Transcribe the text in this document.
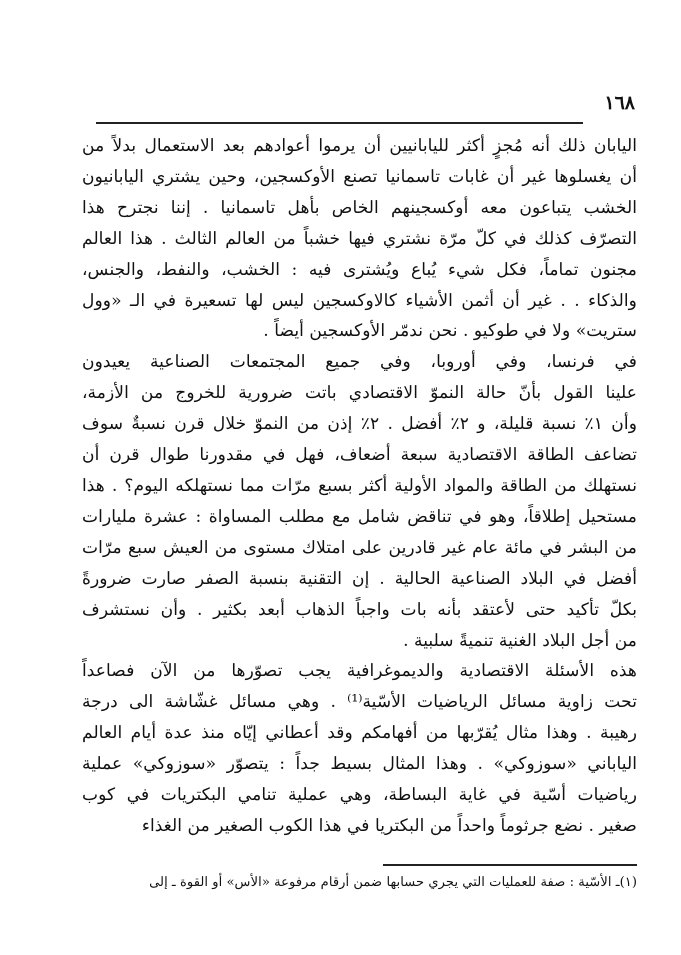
١٦٨

اليابان ذلك أنه مُجزٍ أكثر لليابانيين أن يرموا أعوادهم بعد الاستعمال بدلاً من
أن يغسلوها غير أن غابات تاسمانيا تصنع الأوكسجين، وحين يشتري اليابانيون
الخشب يتباعون معه أوكسجينهم الخاص بأهل تاسمانيا . إننا نجترح هذا
التصرّف كذلك في كلّ مرّة نشتري فيها خشباً من العالم الثالث . هذا العالم
مجنون تماماً، فكل شيء يُباع ويُشترى فيه : الخشب، والنفط، والجنس،
والذكاء . . غير أن أثمن الأشياء كالاوكسجين ليس لها تسعيرة في الـ «وول
ستريت» ولا في طوكيو . نحن ندمّر الأوكسجين أيضاً .

في فرنسا، وفي أوروبا، وفي جميع المجتمعات الصناعية يعيدون
علينا القول بأنّ حالة النموّ الاقتصادي باتت ضرورية للخروج من الأزمة،
وأن ١٪ نسبة قليلة، و ٢٪ أفضل . ٢٪ إذن من النموّ خلال قرن نسبةٌ سوف
تضاعف الطاقة الاقتصادية سبعة أضعاف، فهل في مقدورنا طوال قرن أن
نستهلك من الطاقة والمواد الأولية أكثر بسبع مرّات مما نستهلكه اليوم؟ . هذا
مستحيل إطلاقاً، وهو في تناقض شامل مع مطلب المساواة : عشرة مليارات
من البشر في مائة عام غير قادرين على امتلاك مستوى من العيش سبع مرّات
أفضل في البلاد الصناعية الحالية . إن التقنية بنسبة الصفر صارت ضرورةً
بكلّ تأكيد حتى لأعتقد بأنه بات واجباً الذهاب أبعد بكثير . وأن نستشرف
من أجل البلاد الغنية تنميةً سلبية .

هذه الأسئلة الاقتصادية والديموغرافية يجب تصوّرها من الآن فصاعداً
تحت زاوية مسائل الرياضيات الأسّية⁽¹⁾ . وهي مسائل غشّاشة الى درجة
رهيبة . وهذا مثال يُقرّبها من أفهامكم وقد أعطاني إيّاه منذ عدة أيام العالم
الياباني «سوزوكي» . وهذا المثال بسيط جداً : يتصوّر «سوزوكي» عملية
رياضيات أسّية في غاية البساطة، وهي عملية تنامي البكتريات في كوب
صغير . نضع جرثوماً واحداً من البكتريا في هذا الكوب الصغير من الغذاء

(١)ـ الأسّية : صفة للعمليات التي يجري حسابها ضمن أرقام مرفوعة «الأس» أو القوة ـ إلى
